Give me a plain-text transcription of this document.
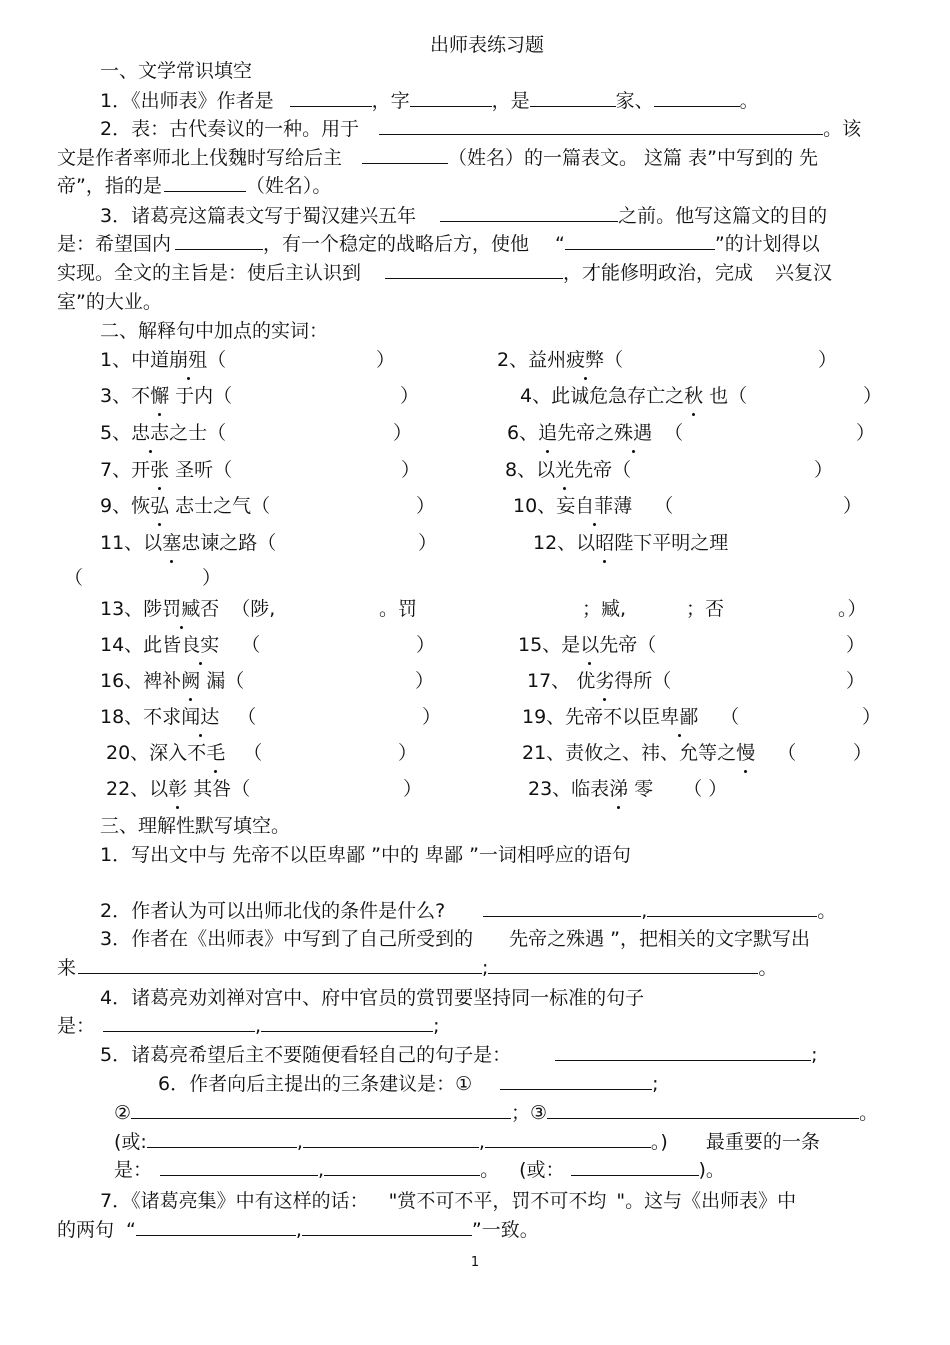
出师表练习题
一、文学常识填空
1．《出师表》作者是	，字	，是	家、	。
2．表：古代奏议的一种。用于	。该
文是作者率师北上伐魏时写给后主	（姓名）的一篇表文。 这篇 表”中写到的 先
帝”，指的是	（姓名）。
3．诸葛亮这篇表文写于蜀汉建兴五年	之前。他写这篇文的目的
是：希望国内	，有一个稳定的战略后方，使他 “	”的计划得以
实现。全文的主旨是：使后主认识到	，才能修明政治，完成 兴复汉
室”的大业。
二、解释句中加点的实词：
1、中道崩殂（	）	2、益州疲弊（	）
3、不懈 于内（	）	4、此诚危急存亡之秋 也（	）
5、忠志之士（	）	6、追先帝之殊遇 （	）
7、开张 圣听（	）	8、以光先帝（	）
9、恢弘 志士之气（	）	10、妄自菲薄 （	）
11、以塞忠谏之路（	）	12、以昭陛下平明之理
（	）
13、陟罚臧否 （陟,	。罚	；臧,	；否	。）
14、此皆良实 （	）	15、是以先帝（	）
16、裨补阙 漏（	）	17、 优劣得所（	）
18、不求闻达 （	）	19、先帝不以臣卑鄙 （	）
20、深入不毛 （	）	21、责攸之、祎、允等之慢 （	）
22、以彰 其咎（	）	23、临表涕 零 （ ）
三、理解性默写填空。
1．写出文中与 先帝不以臣卑鄙 ”中的 卑鄙 ”一词相呼应的语句
2．作者认为可以出师北伐的条件是什么?	,	。
3．作者在《出师表》中写到了自己所受到的 先帝之殊遇 ”，把相关的文字默写出
来	;	。
4．诸葛亮劝刘禅对宫中、府中官员的赏罚要坚持同一标准的句子
是：	,	;
5．诸葛亮希望后主不要随便看轻自己的句子是：	;
6．作者向后主提出的三条建议是：①	;
②	；③	。
(或:	,	,	。) 最重要的一条
是：	,	。 (或：	)。
7．《诸葛亮集》中有这样的话： "赏不可不平，罚不可不均 "。这与《出师表》中
的两句 “	,	”一致。
1
